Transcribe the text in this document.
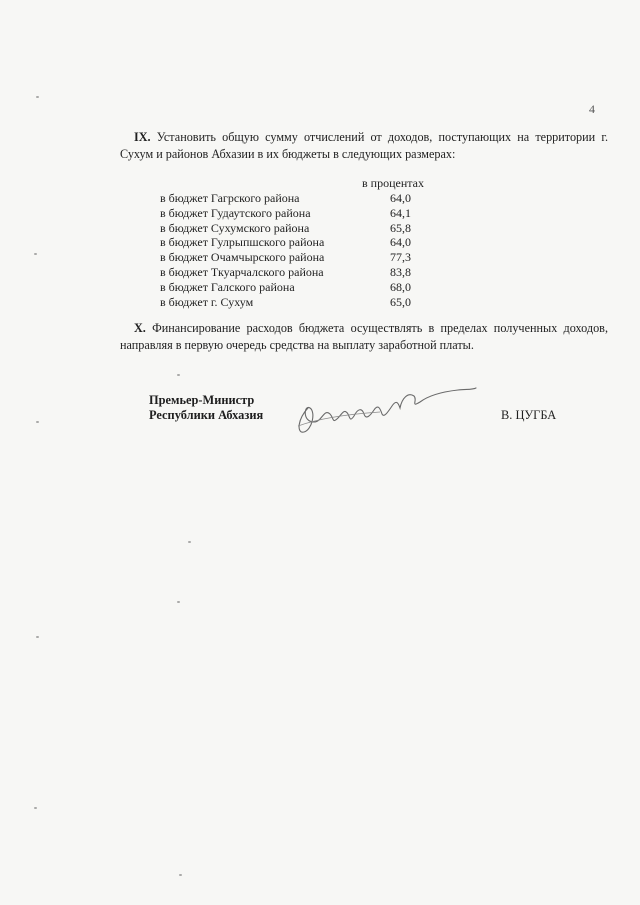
4

IX. Установить общую сумму отчислений от доходов, поступающих на территории г. Сухум и районов Абхазии в их бюджеты в следующих размерах:

в процентах
в бюджет Гагрского района	64,0
в бюджет Гудаутского района	64,1
в бюджет Сухумского района	65,8
в бюджет Гулрыпшского района	64,0
в бюджет Очамчырского района	77,3
в бюджет Ткуарчалского района	83,8
в бюджет Галского района	68,0
в бюджет г. Сухум	65,0

X. Финансирование расходов бюджета осуществлять в пределах полученных доходов, направляя в первую очередь средства на выплату заработной платы.

Премьер-Министр
Республики Абхазия	В. ЦУГБА
